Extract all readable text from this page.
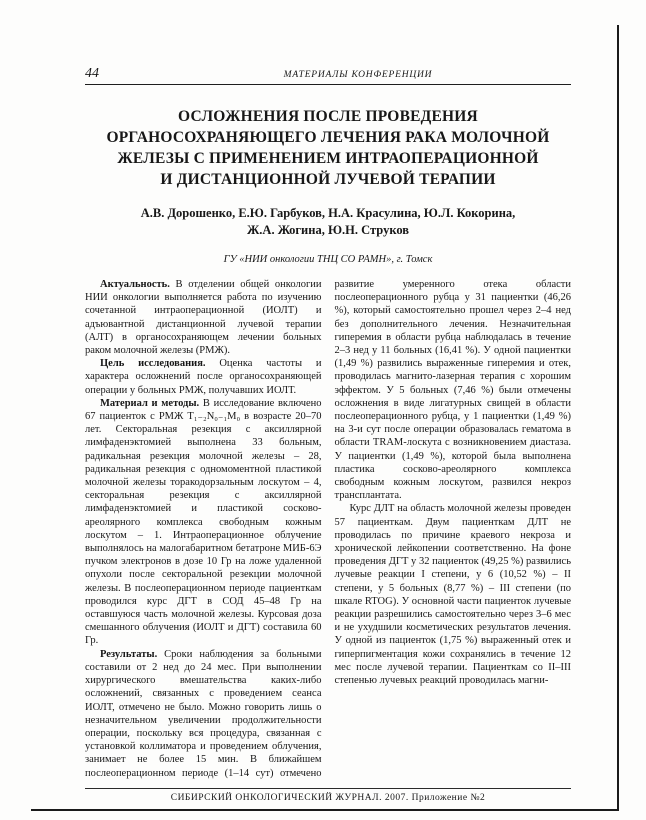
44	МАТЕРИАЛЫ КОНФЕРЕНЦИИ
ОСЛОЖНЕНИЯ ПОСЛЕ ПРОВЕДЕНИЯ
ОРГАНОСОХРАНЯЮЩЕГО ЛЕЧЕНИЯ РАКА МОЛОЧНОЙ
ЖЕЛЕЗЫ С ПРИМЕНЕНИЕМ ИНТРАОПЕРАЦИОННОЙ
И ДИСТАНЦИОННОЙ ЛУЧЕВОЙ ТЕРАПИИ
А.В. Дорошенко, Е.Ю. Гарбуков, Н.А. Красулина, Ю.Л. Кокорина,
Ж.А. Жогина, Ю.Н. Струков
ГУ «НИИ онкологии ТНЦ СО РАМН», г. Томск

Актуальность. В отделении общей онкологии НИИ онкологии выполняется работа по изучению сочетанной интраоперационной (ИОЛТ) и адъювантной дистанционной лучевой терапии (АЛТ) в органосохраняющем лечении больных раком молочной железы (РМЖ).

Цель исследования. Оценка частоты и характера осложнений после органосохраняющей операции у больных РМЖ, получавших ИОЛТ.

Материал и методы. В исследование включено 67 пациенток с РМЖ T₁₋₂N₀₋₁M₀ в возрасте 20–70 лет. Секторальная резекция с аксиллярной лимфаденэктомией выполнена 33 больным, радикальная резекция молочной железы – 28, радикальная резекция с одномоментной пластикой молочной железы торакодорзальным лоскутом – 4, секторальная резекция с аксиллярной лимфаденэктомией и пластикой сосково-ареолярного комплекса свободным кожным лоскутом – 1. Интраоперационное облучение выполнялось на малогабаритном бетатроне МИБ-6Э пучком электронов в дозе 10 Гр на ложе удаленной опухоли после секторальной резекции молочной железы. В послеоперационном периоде пациенткам проводился курс ДГТ в СОД 45–48 Гр на оставшуюся часть молочной железы. Курсовая доза смешанного облучения (ИОЛТ и ДГТ) составила 60 Гр.

Результаты. Сроки наблюдения за больными составили от 2 нед до 24 мес. При выполнении хирургического вмешательства каких-либо осложнений, связанных с проведением сеанса ИОЛТ, отмечено не было. Можно говорить лишь о незначительном увеличении продолжительности операции, поскольку вся процедура, связанная с установкой коллиматора и проведением облучения, занимает не более 15 мин. В ближайшем послеоперационном периоде (1–14 сут) отмечено развитие умеренного отека области послеоперационного рубца у 31 пациентки (46,26 %), который самостоятельно прошел через 2–4 нед без дополнительного лечения. Незначительная гиперемия в области рубца наблюдалась в течение 2–3 нед у 11 больных (16,41 %). У одной пациентки (1,49 %) развились выраженные гиперемия и отек, проводилась магнито-лазерная терапия с хорошим эффектом. У 5 больных (7,46 %) были отмечены осложнения в виде лигатурных свищей в области послеоперационного рубца, у 1 пациентки (1,49 %) на 3-и сут после операции образовалась гематома в области TRAM-лоскута с возникновением диастаза. У пациентки (1,49 %), которой была выполнена пластика сосково-ареолярного комплекса свободным кожным лоскутом, развился некроз трансплантата.

Курс ДЛТ на область молочной железы проведен 57 пациенткам. Двум пациенткам ДЛТ не проводилась по причине краевого некроза и хронической лейкопении соответственно. На фоне проведения ДГТ у 32 пациенток (49,25 %) развились лучевые реакции I степени, у 6 (10,52 %) – II степени, у 5 больных (8,77 %) – III степени (по шкале RTOG). У основной части пациенток лучевые реакции разрешились самостоятельно через 3–6 мес и не ухудшили косметических результатов лечения. У одной из пациенток (1,75 %) выраженный отек и гиперпигментация кожи сохранялись в течение 12 мес после лучевой терапии. Пациенткам со II–III степенью лучевых реакций проводилась магни-

СИБИРСКИЙ ОНКОЛОГИЧЕСКИЙ ЖУРНАЛ. 2007. Приложение №2
